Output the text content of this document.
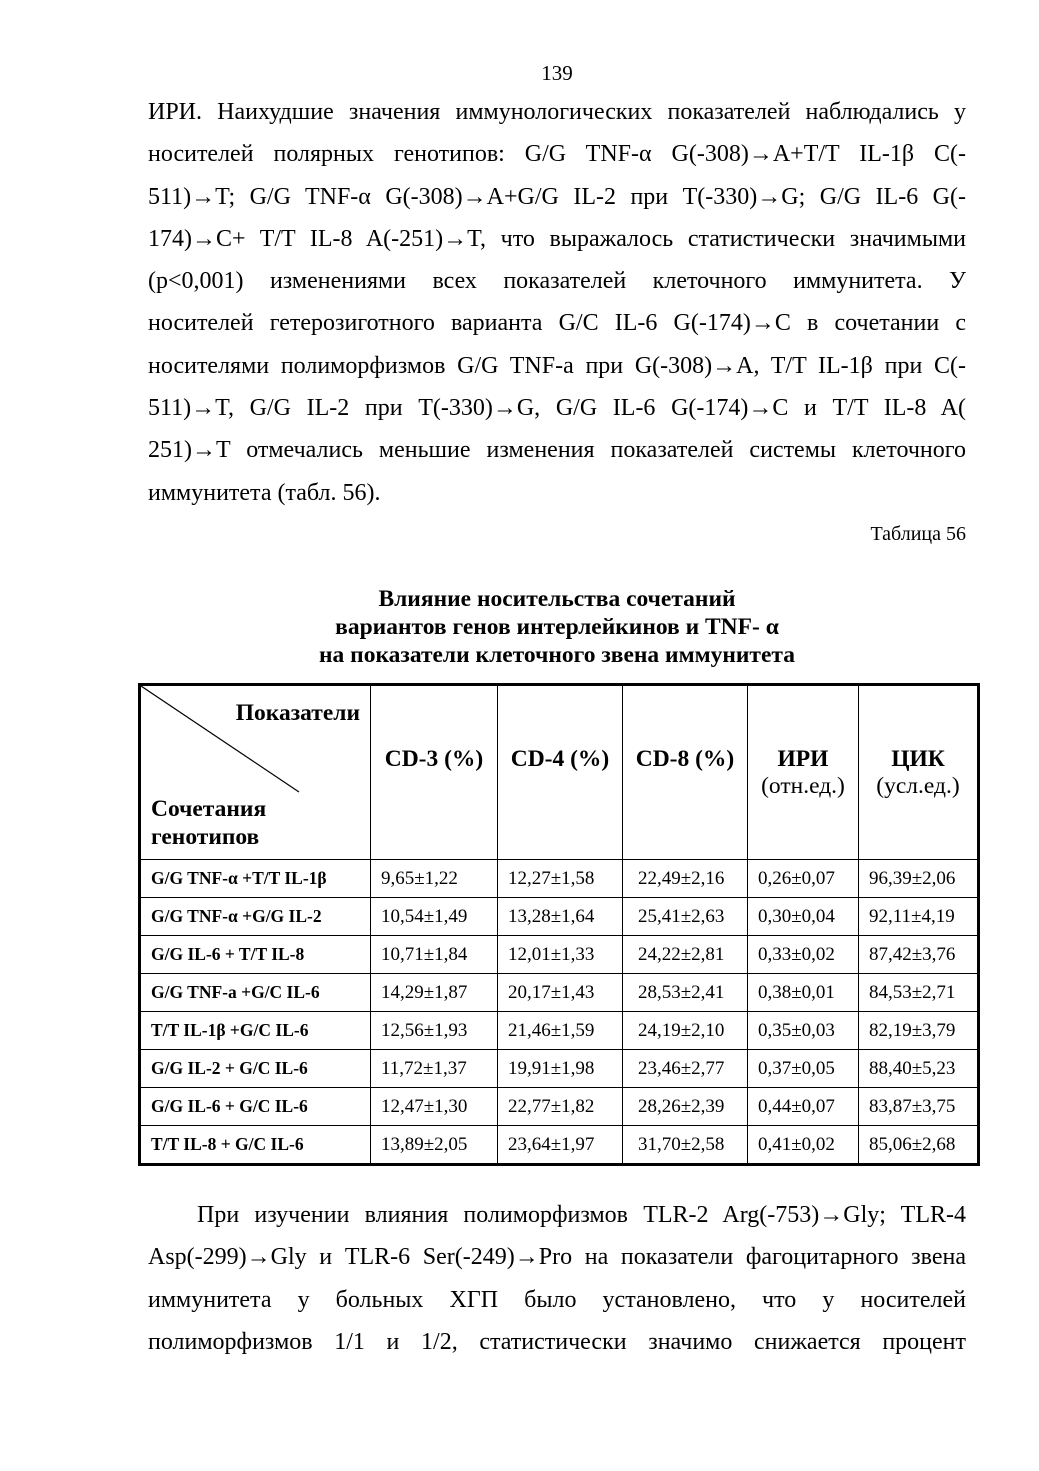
139
ИРИ. Наихудшие значения иммунологических показателей наблюдались у
носителей полярных генотипов: G/G TNF-α G(-308)→A+T/T IL-1β C(-
511)→T; G/G TNF-α G(-308)→A+G/G IL-2 при T(-330)→G; G/G IL-6 G(-
174)→C+ T/T IL-8 A(-251)→T, что выражалось статистически значимыми
(p<0,001) изменениями всех показателей клеточного иммунитета. У
носителей гетерозиготного варианта G/C IL-6 G(-174)→C в сочетании с
носителями полиморфизмов G/G TNF-a при G(-308)→A, T/T IL-1β при C(-
511)→T, G/G IL-2 при T(-330)→G, G/G IL-6 G(-174)→C и T/T IL-8 A(
251)→T отмечались меньшие изменения показателей системы клеточного
иммунитета (табл. 56).
Таблица 56
Влияние носительства сочетаний
вариантов генов интерлейкинов и TNF- α
на показатели клеточного звена иммунитета
Показатели
Сочетания
генотипов	CD-3 (%)	CD-4 (%)	CD-8 (%)	ИРИ
(отн.ед.)	ЦИК
(усл.ед.)

G/G TNF-α +T/T IL-1β	9,65±1,22	12,27±1,58	22,49±2,16	0,26±0,07	96,39±2,06
G/G TNF-α +G/G IL-2	10,54±1,49	13,28±1,64	25,41±2,63	0,30±0,04	92,11±4,19
G/G IL-6 + T/T IL-8	10,71±1,84	12,01±1,33	24,22±2,81	0,33±0,02	87,42±3,76
G/G TNF-a +G/C IL-6	14,29±1,87	20,17±1,43	28,53±2,41	0,38±0,01	84,53±2,71
T/T IL-1β +G/C IL-6	12,56±1,93	21,46±1,59	24,19±2,10	0,35±0,03	82,19±3,79
G/G IL-2 + G/C IL-6	11,72±1,37	19,91±1,98	23,46±2,77	0,37±0,05	88,40±5,23
G/G IL-6 + G/C IL-6	12,47±1,30	22,77±1,82	28,26±2,39	0,44±0,07	83,87±3,75
T/T IL-8 + G/C IL-6	13,89±2,05	23,64±1,97	31,70±2,58	0,41±0,02	85,06±2,68
При изучении влияния полиморфизмов TLR-2 Arg(-753)→Gly; TLR-4
Asp(-299)→Gly и TLR-6 Ser(-249)→Pro на показатели фагоцитарного звена
иммунитета у больных ХГП было установлено, что у носителей
полиморфизмов 1/1 и 1/2, статистически значимо снижается процент
